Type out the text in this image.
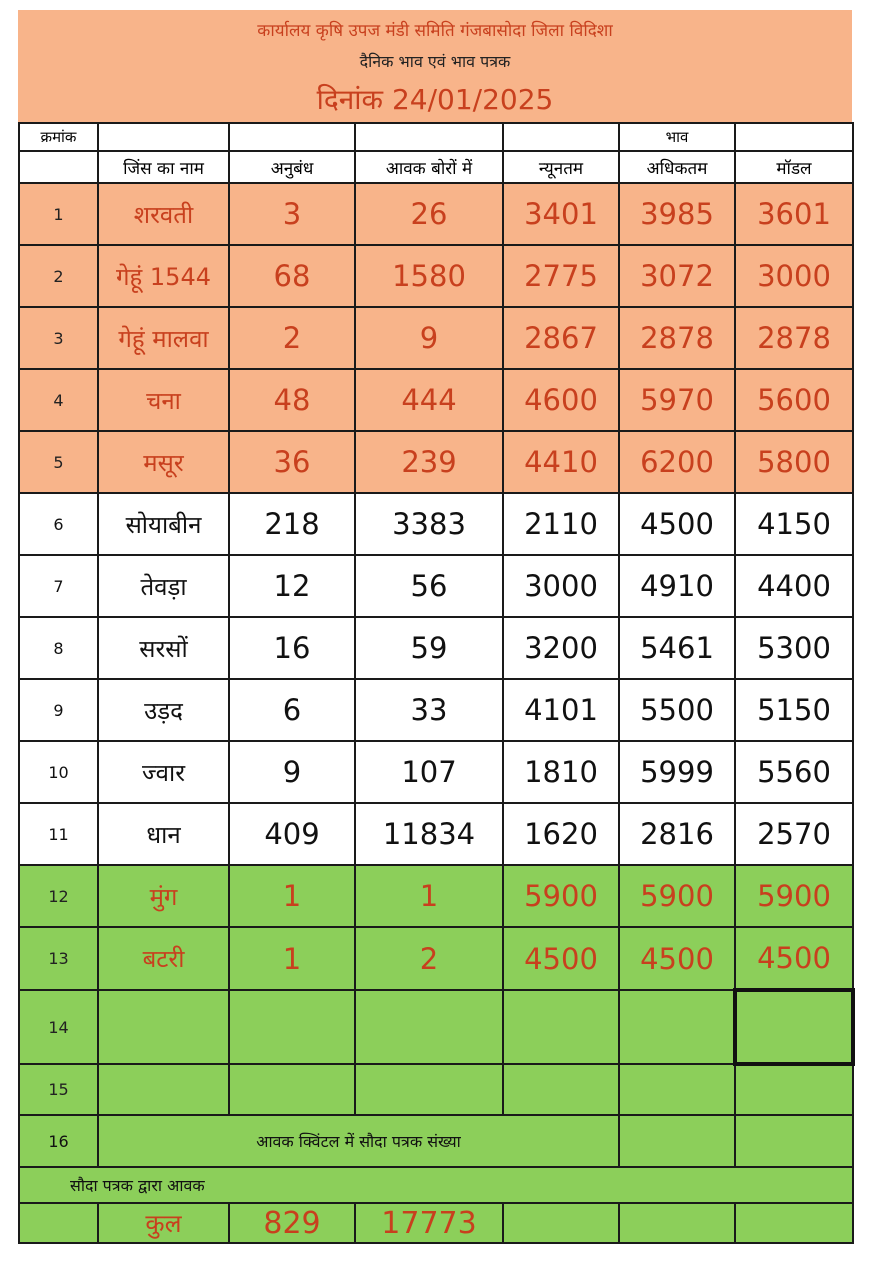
कार्यालय कृषि उपज मंडी समिति गंजबासोदा जिला विदिशा
दैनिक भाव एवं भाव पत्रक
दिनांक 24/01/2025
क्रमांक					भाव	
	जिंस का नाम	अनुबंध	आवक बोरों में	न्यूनतम	अधिकतम	मॉडल
1	शरवती	3	26	3401	3985	3601
2	गेहूं 1544	68	1580	2775	3072	3000
3	गेहूं मालवा	2	9	2867	2878	2878
4	चना	48	444	4600	5970	5600
5	मसूर	36	239	4410	6200	5800
6	सोयाबीन	218	3383	2110	4500	4150
7	तेवड़ा	12	56	3000	4910	4400
8	सरसों	16	59	3200	5461	5300
9	उड़द	6	33	4101	5500	5150
10	ज्वार	9	107	1810	5999	5560
11	धान	409	11834	1620	2816	2570
12	मुंग	1	1	5900	5900	5900
13	बटरी	1	2	4500	4500	4500
14						
15						
16	आवक क्विंटल में सौदा पत्रक संख्या					
सौदा पत्रक द्वारा आवक						
	कुल	829	17773			
